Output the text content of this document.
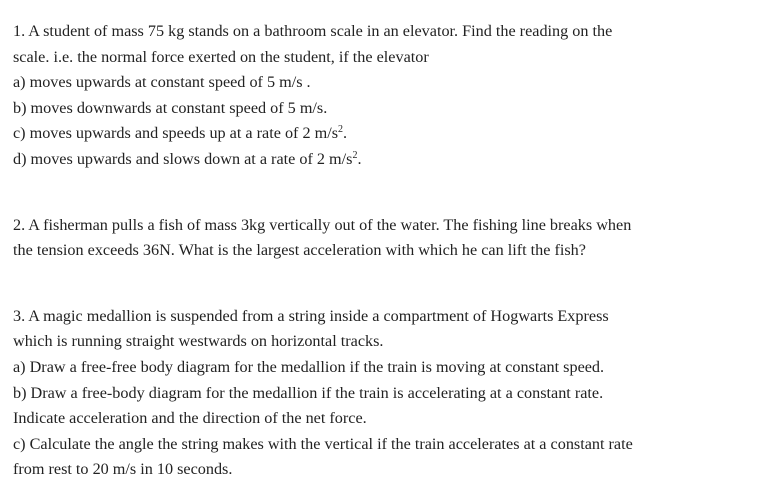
1. A student of mass 75 kg stands on a bathroom scale in an elevator. Find the reading on the
scale. i.e. the normal force exerted on the student, if the elevator
a) moves upwards at constant speed of 5 m/s .
b) moves downwards at constant speed of 5 m/s.
c) moves upwards and speeds up at a rate of 2 $m/s^2$.
d) moves upwards and slows down at a rate of 2 $m/s^2$.
2. A fisherman pulls a fish of mass 3kg vertically out of the water. The fishing line breaks when
the tension exceeds 36N. What is the largest acceleration with which he can lift the fish?
3. A magic medallion is suspended from a string inside a compartment of Hogwarts Express
which is running straight westwards on horizontal tracks.
a) Draw a free-free body diagram for the medallion if the train is moving at constant speed.
b) Draw a free-body diagram for the medallion if the train is accelerating at a constant rate.
Indicate acceleration and the direction of the net force.
c) Calculate the angle the string makes with the vertical if the train accelerates at a constant rate
from rest to 20 m/s in 10 seconds.
